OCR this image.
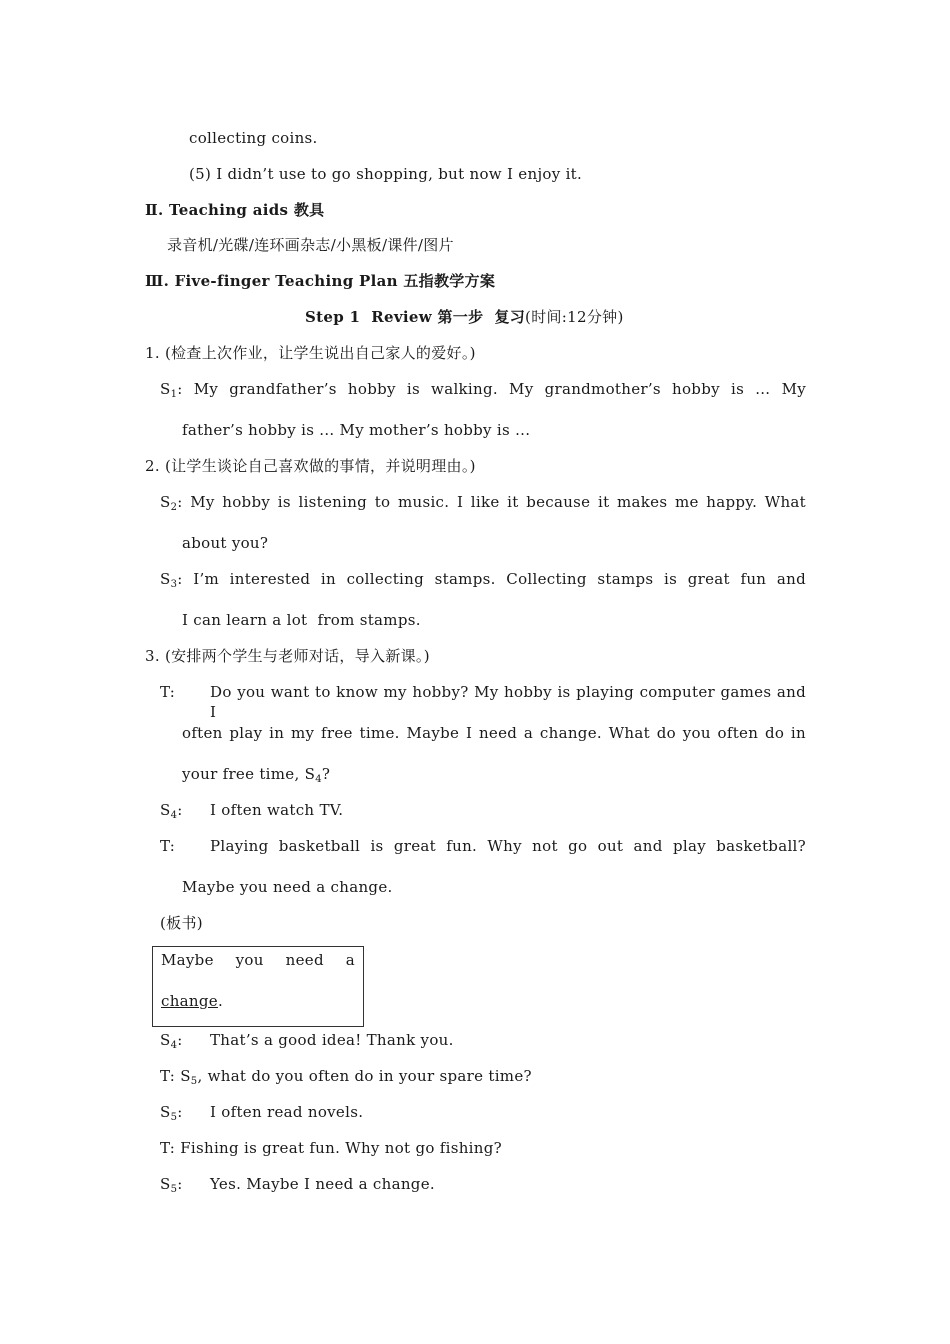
collecting coins.
(5) I didn’t use to go shopping, but now I enjoy it.
Ⅱ. Teaching aids 教具
录音机/光碟/连环画杂志/小黑板/课件/图片
Ⅲ. Five-finger Teaching Plan 五指教学方案
Step 1  Review 第一步  复习(时间:12分钟)
1. (检查上次作业，让学生说出自己家人的爱好。)
$S_1$ : My grandfather’s hobby is walking. My grandmother’s hobby is … My
father’s hobby is ... My mother’s hobby is ...
2. (让学生谈论自己喜欢做的事情，并说明理由。)
$S_2$ : My hobby is listening to music. I like it because it makes me happy. What
about you?
$S_3$ : I’m interested in collecting stamps. Collecting stamps is great fun and
I can learn a lot  from stamps.
3. (安排两个学生与老师对话，导入新课。)
T: Do you want to know my hobby? My hobby is playing computer games and I
often play in my free time. Maybe I need a change. What do you often do in
your free time, $S_4$?
$S_4$: I often watch TV.
T: Playing basketball is great fun. Why not go out and play basketball?
Maybe you need a change.
(板书)
Maybe you need a
change.
$S_4$: That’s a good idea! Thank you.
T: $S_5$, what do you often do in your spare time?
$S_5$: I often read novels.
T: Fishing is great fun. Why not go fishing?
$S_5$: Yes. Maybe I need a change.
